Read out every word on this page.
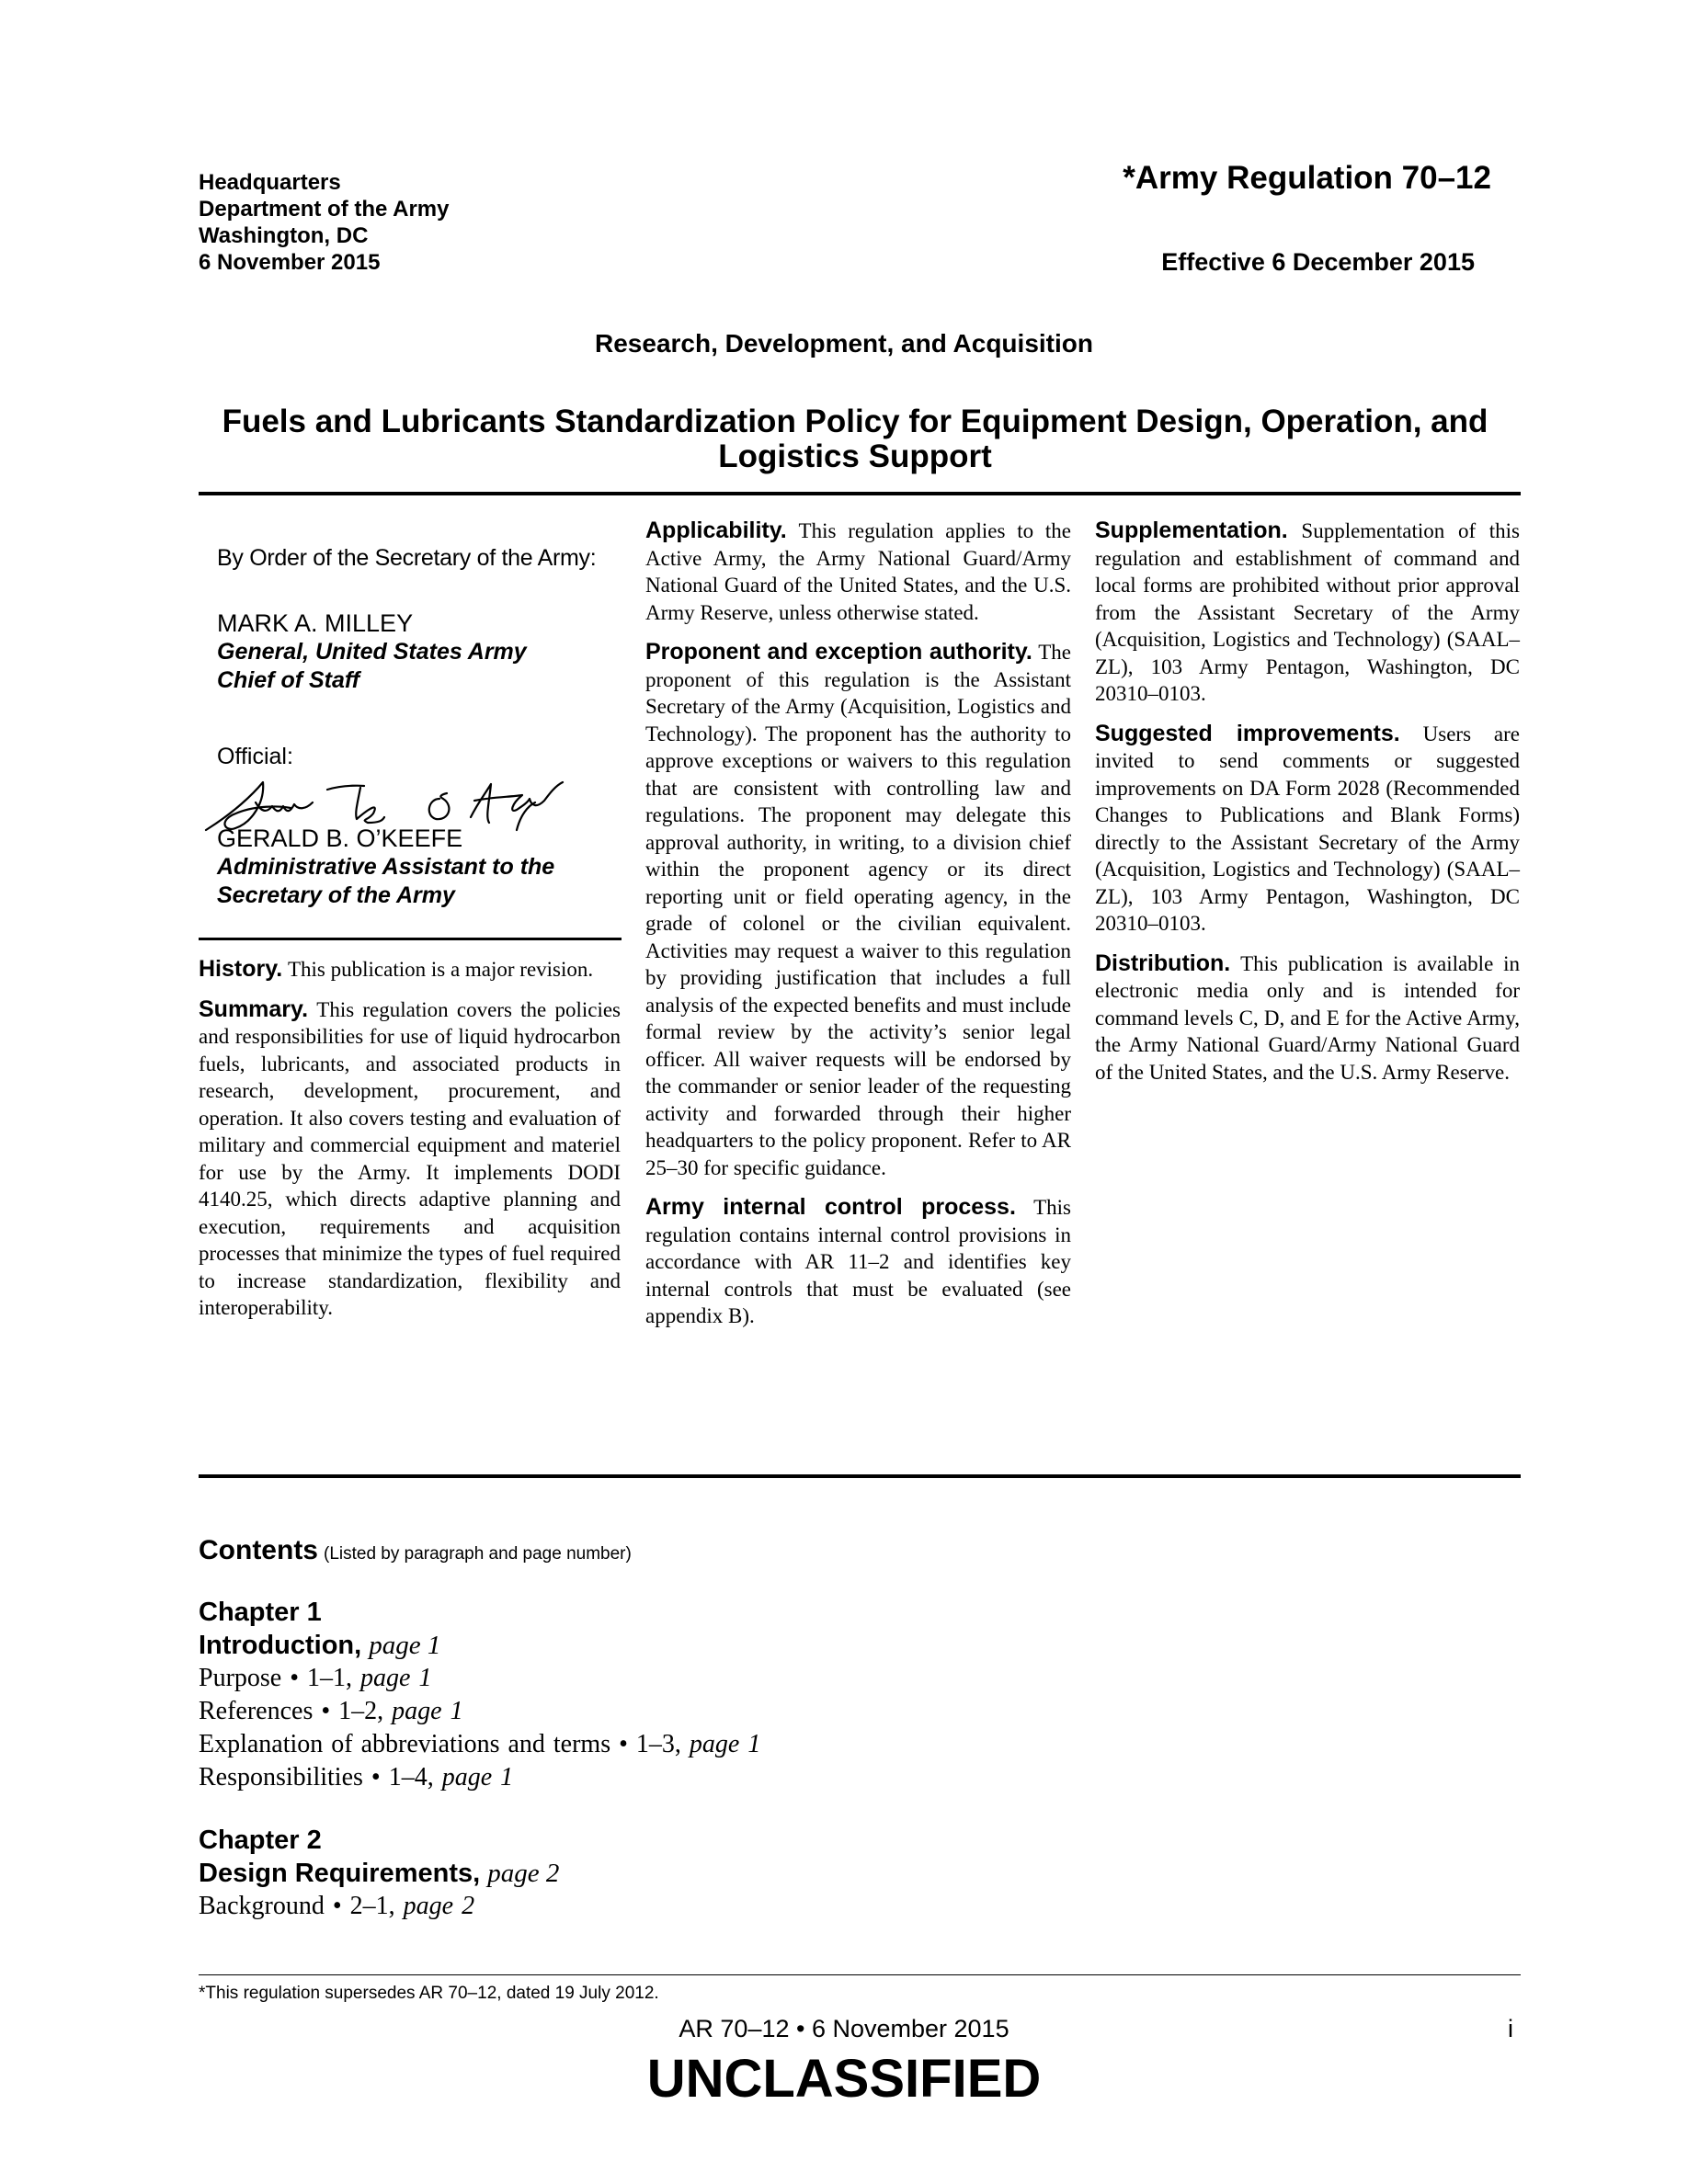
Headquarters
Department of the Army
Washington, DC
6 November 2015
*Army Regulation 70–12
Effective 6 December 2015
Research, Development, and Acquisition
Fuels and Lubricants Standardization Policy for Equipment Design, Operation, and Logistics Support
By Order of the Secretary of the Army:
MARK A. MILLEY
General, United States Army
Chief of Staff
Official:
GERALD B. O’KEEFE
Administrative Assistant to the
Secretary of the Army

History. This publication is a major revision.

Summary. This regulation covers the policies and responsibilities for use of liquid hydrocarbon fuels, lubricants, and associated products in research, development, procurement, and operation. It also covers testing and evaluation of military and commercial equipment and materiel for use by the Army. It implements DODI 4140.25, which directs adaptive planning and execution, requirements and acquisition processes that minimize the types of fuel required to increase standardization, flexibility and interoperability.

Applicability. This regulation applies to the Active Army, the Army National Guard/Army National Guard of the United States, and the U.S. Army Reserve, unless otherwise stated.

Proponent and exception authority. The proponent of this regulation is the Assistant Secretary of the Army (Acquisition, Logistics and Technology). The proponent has the authority to approve exceptions or waivers to this regulation that are consistent with controlling law and regulations. The proponent may delegate this approval authority, in writing, to a division chief within the proponent agency or its direct reporting unit or field operating agency, in the grade of colonel or the civilian equivalent. Activities may request a waiver to this regulation by providing justification that includes a full analysis of the expected benefits and must include formal review by the activity’s senior legal officer. All waiver requests will be endorsed by the commander or senior leader of the requesting activity and forwarded through their higher headquarters to the policy proponent. Refer to AR 25–30 for specific guidance.

Army internal control process. This regulation contains internal control provisions in accordance with AR 11–2 and identifies key internal controls that must be evaluated (see appendix B).

Supplementation. Supplementation of this regulation and establishment of command and local forms are prohibited without prior approval from the Assistant Secretary of the Army (Acquisition, Logistics and Technology) (SAAL–ZL), 103 Army Pentagon, Washington, DC 20310–0103.

Suggested improvements. Users are invited to send comments or suggested improvements on DA Form 2028 (Recommended Changes to Publications and Blank Forms) directly to the Assistant Secretary of the Army (Acquisition, Logistics and Technology) (SAAL–ZL), 103 Army Pentagon, Washington, DC 20310–0103.

Distribution. This publication is available in electronic media only and is intended for command levels C, D, and E for the Active Army, the Army National Guard/Army National Guard of the United States, and the U.S. Army Reserve.

Contents (Listed by paragraph and page number)
Chapter 1
Introduction, page 1
Purpose • 1–1, page 1
References • 1–2, page 1
Explanation of abbreviations and terms • 1–3, page 1
Responsibilities • 1–4, page 1
Chapter 2
Design Requirements, page 2
Background • 2–1, page 2
*This regulation supersedes AR 70–12, dated 19 July 2012.
AR 70–12 • 6 November 2015	i
UNCLASSIFIED
